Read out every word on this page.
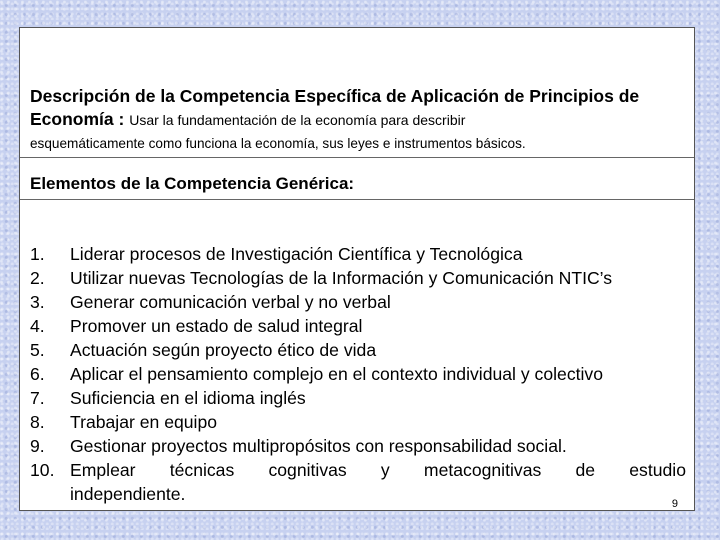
Descripción de la Competencia Específica de Aplicación de Principios de Economía : Usar la fundamentación de la economía para describir
esquemáticamente como funciona la economía, sus leyes e instrumentos básicos.
Elementos de la Competencia Genérica:
1. Liderar procesos de Investigación Científica y Tecnológica
2. Utilizar nuevas Tecnologías de la Información y Comunicación NTIC’s
3. Generar comunicación verbal y no verbal
4. Promover un estado de salud integral
5. Actuación según proyecto ético de vida
6. Aplicar el pensamiento complejo en el contexto individual y colectivo
7. Suficiencia en el idioma inglés
8. Trabajar en equipo
9. Gestionar proyectos multipropósitos con responsabilidad social.
10. Emplear técnicas cognitivas y metacognitivas de estudio
independiente.	9
